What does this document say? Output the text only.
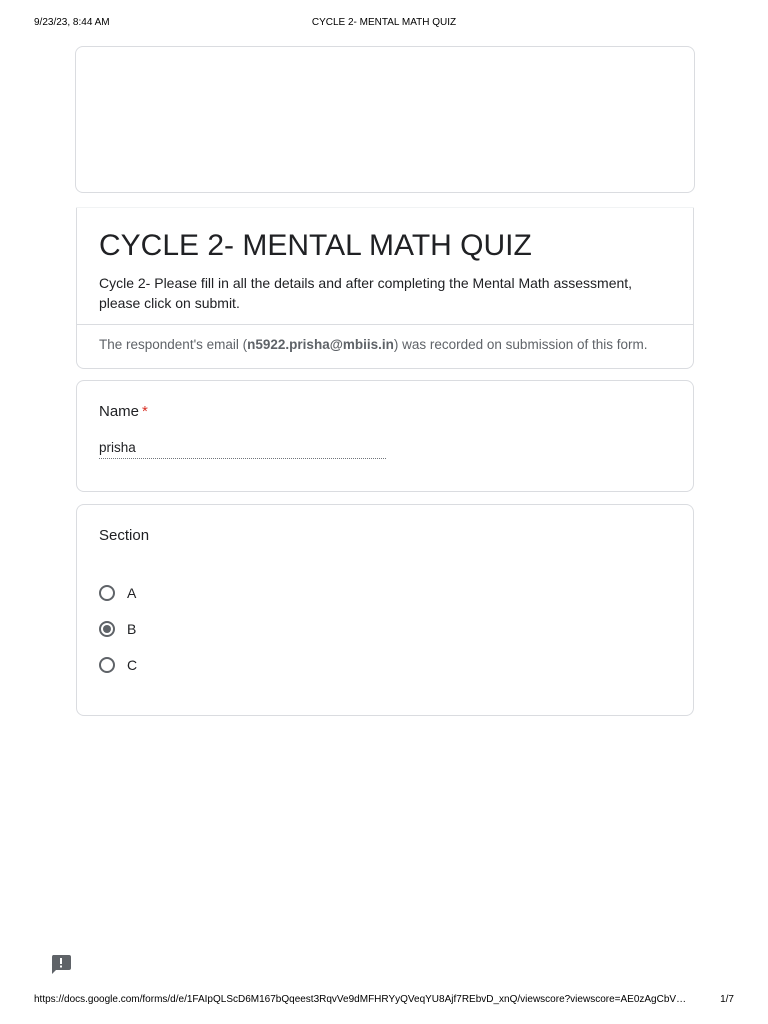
9/23/23, 8:44 AM	CYCLE 2- MENTAL MATH QUIZ
CYCLE 2- MENTAL MATH QUIZ
Cycle 2- Please fill in all the details and after completing the Mental Math assessment, please click on submit.
The respondent's email (n5922.prisha@mbiis.in) was recorded on submission of this form.
Name *
prisha
Section
A
B
C
https://docs.google.com/forms/d/e/1FAIpQLScD6M167bQqeest3RqvVe9dMFHRYyQVeqYU8Ajf7REbvD_xnQ/viewscore?viewscore=AE0zAgCbV…	1/7
